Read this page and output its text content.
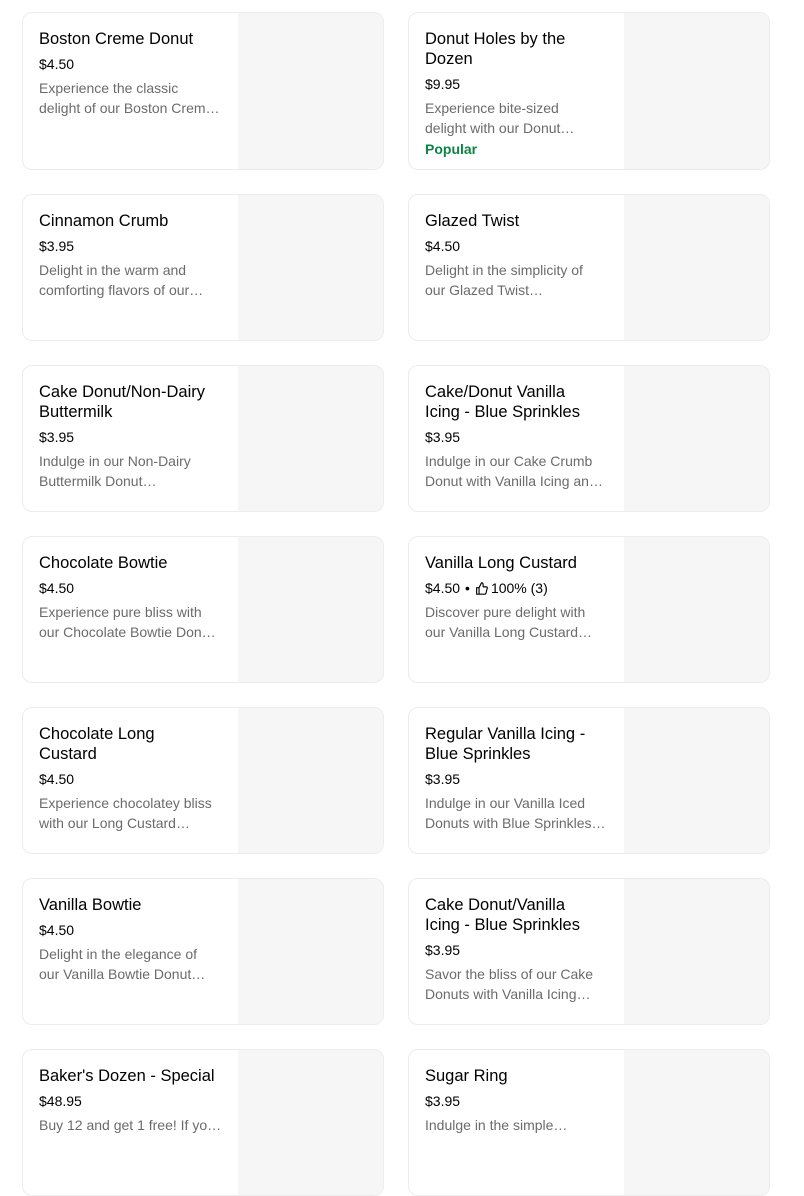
Boston Creme Donut
$4.50
Experience the classic
delight of our Boston Crem…
Donut Holes by the
Dozen
$9.95
Experience bite-sized
delight with our Donut…
Popular
Cinnamon Crumb
$3.95
Delight in the warm and
comforting flavors of our…
Glazed Twist
$4.50
Delight in the simplicity of
our Glazed Twist…
Cake Donut/Non-Dairy
Buttermilk
$3.95
Indulge in our Non-Dairy
Buttermilk Donut…
Cake/Donut Vanilla
Icing - Blue Sprinkles
$3.95
Indulge in our Cake Crumb
Donut with Vanilla Icing an…
Chocolate Bowtie
$4.50
Experience pure bliss with
our Chocolate Bowtie Don…
Vanilla Long Custard
$4.50 • 100% (3)
Discover pure delight with
our Vanilla Long Custard…
Chocolate Long
Custard
$4.50
Experience chocolatey bliss
with our Long Custard…
Regular Vanilla Icing -
Blue Sprinkles
$3.95
Indulge in our Vanilla Iced
Donuts with Blue Sprinkles…
Vanilla Bowtie
$4.50
Delight in the elegance of
our Vanilla Bowtie Donut…
Cake Donut/Vanilla
Icing - Blue Sprinkles
$3.95
Savor the bliss of our Cake
Donuts with Vanilla Icing…
Baker's Dozen - Special
$48.95
Buy 12 and get 1 free! If yo…
Sugar Ring
$3.95
Indulge in the simple…
